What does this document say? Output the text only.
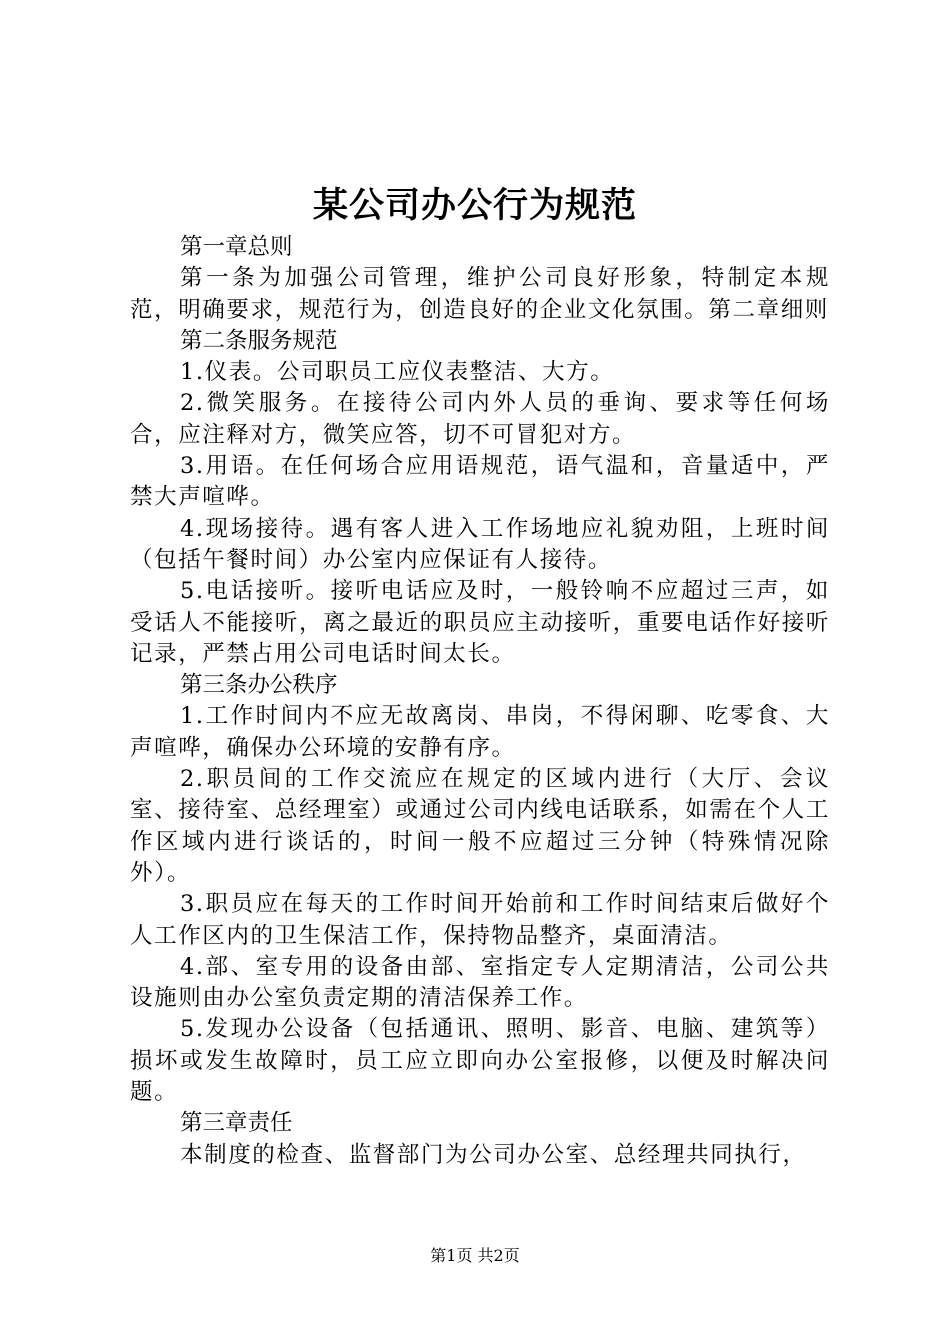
某公司办公行为规范

第一章总则

第一条为加强公司管理，维护公司良好形象，特制定本规范，明确要求，规范行为，创造良好的企业文化氛围。第二章细则

第二条服务规范

1.仪表。公司职员工应仪表整洁、大方。

2.微笑服务。在接待公司内外人员的垂询、要求等任何场合，应注释对方，微笑应答，切不可冒犯对方。

3.用语。在任何场合应用语规范，语气温和，音量适中，严禁大声喧哗。

4.现场接待。遇有客人进入工作场地应礼貌劝阻，上班时间（包括午餐时间）办公室内应保证有人接待。

5.电话接听。接听电话应及时，一般铃响不应超过三声，如受话人不能接听，离之最近的职员应主动接听，重要电话作好接听记录，严禁占用公司电话时间太长。

第三条办公秩序

1.工作时间内不应无故离岗、串岗，不得闲聊、吃零食、大声喧哗，确保办公环境的安静有序。

2.职员间的工作交流应在规定的区域内进行（大厅、会议室、接待室、总经理室）或通过公司内线电话联系，如需在个人工作区域内进行谈话的，时间一般不应超过三分钟（特殊情况除外）。

3.职员应在每天的工作时间开始前和工作时间结束后做好个人工作区内的卫生保洁工作，保持物品整齐，桌面清洁。

4.部、室专用的设备由部、室指定专人定期清洁，公司公共设施则由办公室负责定期的清洁保养工作。

5.发现办公设备（包括通讯、照明、影音、电脑、建筑等）损坏或发生故障时，员工应立即向办公室报修，以便及时解决问题。

第三章责任

本制度的检查、监督部门为公司办公室、总经理共同执行，

第1页 共2页
